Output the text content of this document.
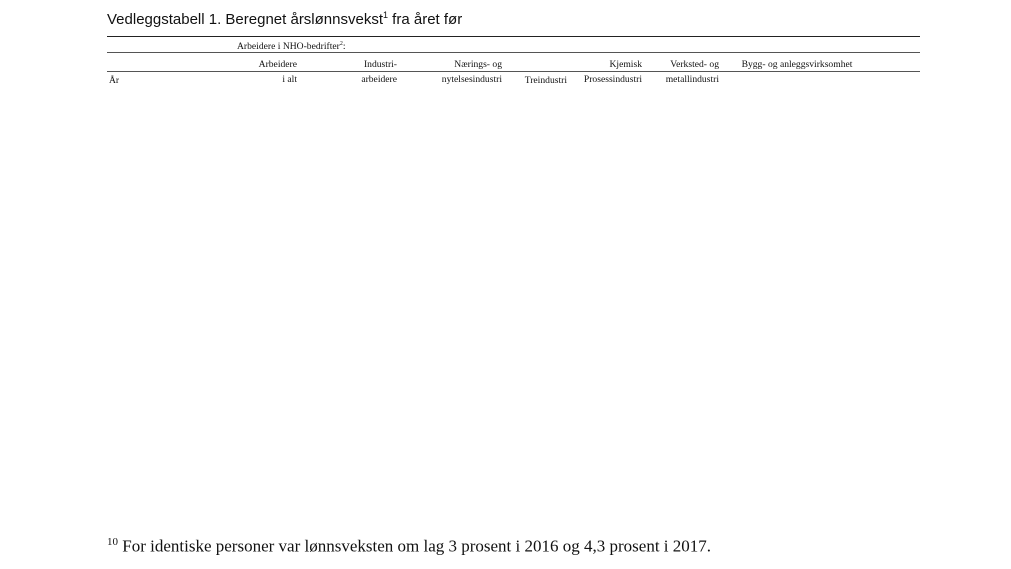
Vedleggstabell 1. Beregnet årslønnsvekst$^1$ fra året før
Arbeidere i NHO-bedrifter$^2$:
År
Arbeidere
i alt
Industri-
arbeidere
Nærings- og
nytelsesindustri	Treindustri
Kjemisk
Prosessindustri
Verksted- og
metallindustri
Bygg- og anleggsvirksomhet
$^{10}$ For identiske personer var lønnsveksten om lag 3 prosent i 2016 og 4,3 prosent i 2017.
